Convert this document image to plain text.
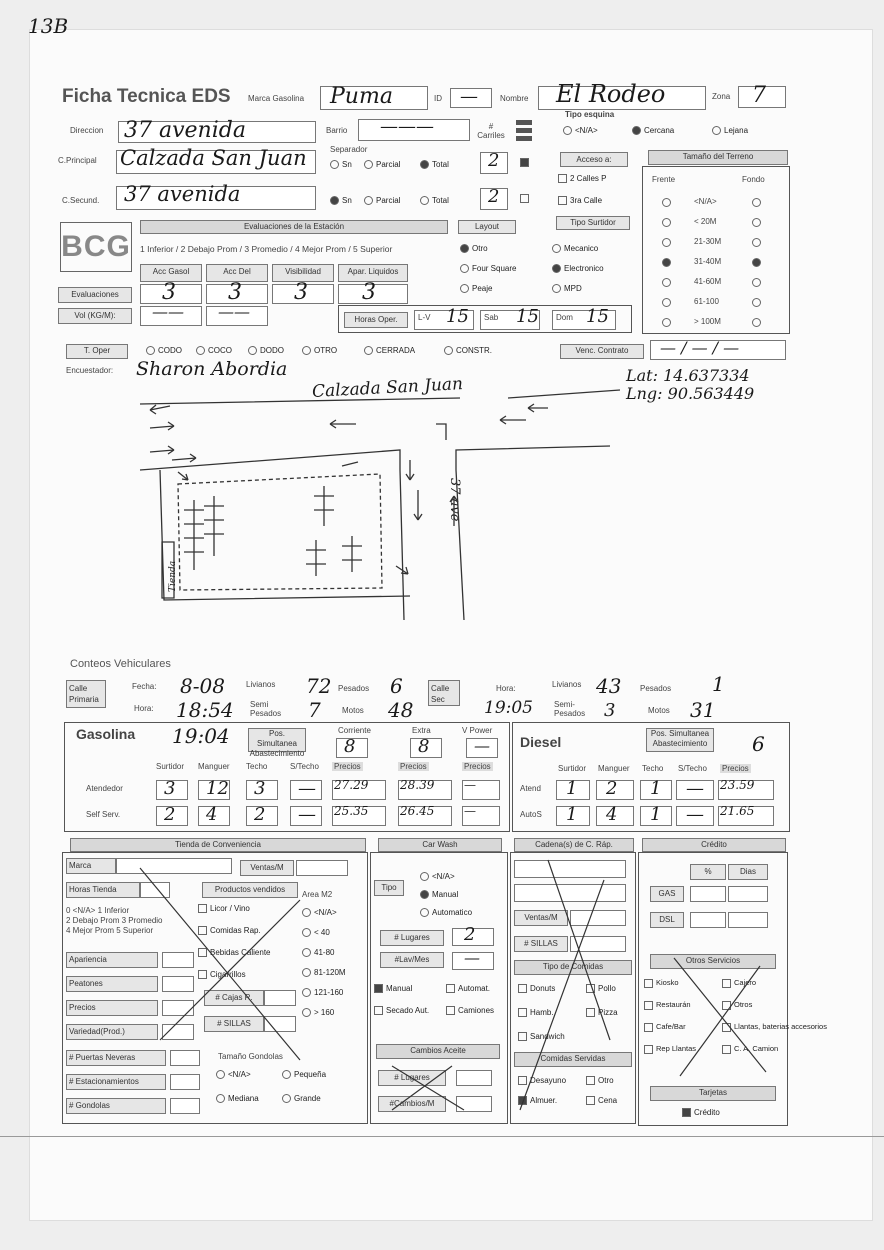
13B
Ficha Tecnica EDS Marca Gasolina Puma	ID —	Nombre El Rodeo	Zona 7
Direccion 37 avenida	Barrio ———	# Carriles
Tipo esquina
<N/A>	Cercana	Lejana
C.Principal Calzada San Juan	Separador
Sn	Parcial	Total 2	Acceso a:
2 Calles P
3ra Calle
C.Secund. 37 avenida	Sn	Parcial	Total 2
Tamaño del Terreno
Frente	Fondo
<N/A>
< 20M
21-30M
31-40M
41-60M
61-100
> 100M
BCG
Evaluaciones de la Estación
1 Inferior / 2 Debajo Prom / 3 Promedio / 4 Mejor Prom / 5 Superior
Acc Gasol	Acc Del	Visibilidad	Apar. Liquidos
Evaluaciones	3 3 3 3
Vol (KG/M):	—— ——
Layout
Otro
Four Square
Peaje
Tipo Surtidor
Mecanico
Electronico
MPD
Horas Oper.	L-V 15 Sab 15 Dom 15
T. Oper	CODO	COCO	DODO	OTRO	CERRADA	CONSTR.	Venc. Contrato	— / — / —
Encuestador: Sharon Abordia	Lat: 14.637334
Lng: 90.563449
Calzada San Juan
37 ave
Tienda
Conteos Vehiculares
Calle Primaria
Fecha: 8-08
Hora: 18:54
Livianos 72 Pesados 6
Semi Pesados	7	Motos 48
Calle Sec
Hora:
19:05
Livianos 43 Pesados 1
Semi-Pesados	3	Motos 31
Gasolina 19:04	Pos. Simultanea Abastecimiento
Corriente
8
Extra
8
V Power
—
Surtidor Manguer Techo	S/Techo Precios	Precios	Precios
Atendedor 3 12 3 — 27.29	28.39 —
Self Serv. 2 4 2 — 25.35	26.45 —
Diesel
Pos. Simultanea Abastecimiento	6
Surtidor Manguer Techo S/Techo Precios
Atend 1 2 1 — 23.59
AutoS 1 4 1 — 21.65
Tienda de Conveniencia
Marca	Ventas/M
Horas Tienda	Productos vendidos
Area M2
0 <N/A> 1 Inferior
2 Debajo Prom 3 Promedio
4 Mejor Prom 5 Superior
Licor / Vino
Comidas Rap.
Bebidas Caliente
Cigarrillos
<N/A>
< 40
41-80
81-120M
121-160
> 160
Apariencia
Peatones
Precios
Variedad(Prod.)
# Cajas R.
# SILLAS
# Puertas Neveras
# Estacionamientos
# Gondolas
Tamaño Gondolas
<N/A>	Pequeña
Mediana	Grande
Car Wash
Tipo
<N/A>
Manual
Automatico
# Lugares	2
#Lav/Mes	—
Manual	Automat.
Secado Aut.	Camiones
Cambios Aceite
# Lugares
#Cambios/M
Cadena(s) de C. Ráp.
Ventas/M
# SILLAS
Tipo de Comidas
Donuts	Pollo
Hamb.	Pizza
Sandwich
Comidas Servidas
Desayuno	Otro
Almuer.	Cena
Crédito
%	Dias
GAS
DSL
Otros Servicios
Kiosko	Cajero
Restaurán	Otros
Cafe/Bar	Llantas, baterias accesorios
Rep Llantas	C. A. Camion
Tarjetas
Crédito
